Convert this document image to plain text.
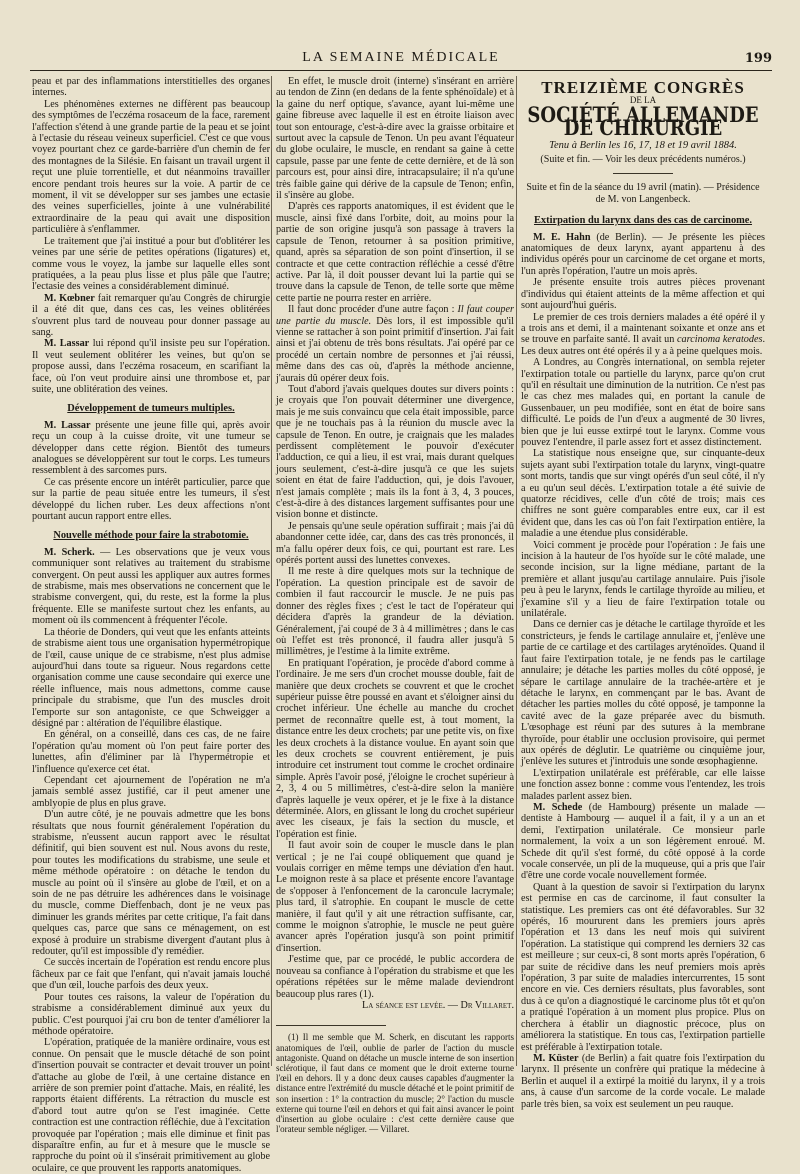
LA SEMAINE MÉDICALE	199

peau et par des inflammations interstitielles des organes internes.

Les phénomènes externes ne diffèrent pas beaucoup des symptômes de l'eczéma rosaceum de la face, rarement l'affection s'étend à une grande partie de la peau et se joint à l'ectasie du réseau veineux superficiel. C'est ce que vous voyez pourtant chez ce garde-barrière d'un chemin de fer des montagnes de la Silésie. En faisant un travail urgent il reçut une pluie torrentielle, et dut néanmoins travailler encore pendant trois heures sur la voie. A partir de ce moment, il vit se développer sur ses jambes une ectasie des veines superficielles, jointe à une vulnérabilité extraordinaire de la peau qui avait une disposition particulière à s'enflammer.

Le traitement que j'ai institué a pour but d'oblitérer les veines par une série de petites opérations (ligatures) et, comme vous le voyez, la jambe sur laquelle elles sont pratiquées, a la peau plus lisse et plus pâle que l'autre; l'ectasie des veines a considérablement diminué.

M. Kœbner fait remarquer qu'au Congrès de chirurgie il a été dit que, dans ces cas, les veines oblitérées s'ouvrent plus tard de nouveau pour donner passage au sang.

M. Lassar lui répond qu'il insiste peu sur l'opération. Il veut seulement oblitérer les veines, but qu'on se propose aussi, dans l'eczéma rosaceum, en scarifiant la face, où l'on veut produire ainsi une thrombose et, par suite, une oblitération des veines.

Développement de tumeurs multiples.

M. Lassar présente une jeune fille qui, après avoir reçu un coup à la cuisse droite, vit une tumeur se développer dans cette région. Bientôt des tumeurs analogues se développèrent sur tout le corps. Les tumeurs ressemblent à des sarcomes purs.

Ce cas présente encore un intérêt particulier, parce que sur la partie de peau située entre les tumeurs, il s'est développé du lichen ruber. Les deux affections n'ont pourtant aucun rapport entre elles.

Nouvelle méthode pour faire la strabotomie.

M. Scherk. — Les observations que je veux vous communiquer sont relatives au traitement du strabisme convergent. On peut aussi les appliquer aux autres formes de strabisme, mais mes observations ne concernent que le strabisme convergent, qui, du reste, est la forme la plus fréquente. Elle se manifeste surtout chez les enfants, au moment où ils commencent à fréquenter l'école.

La théorie de Donders, qui veut que les enfants atteints de strabisme aient tous une organisation hypermétropique de l'œil, cause unique de ce strabisme, n'est plus admise aujourd'hui dans toute sa rigueur. Nous regardons cette organisation comme une cause secondaire qui exerce une réelle influence, mais nous admettons, comme cause principale du strabisme, que l'un des muscles droit l'emporte sur son antagoniste, ce que Schweigger a désigné par : altération de l'équilibre élastique.

En général, on a conseillé, dans ces cas, de ne faire l'opération qu'au moment où l'on peut faire porter des lunettes, afin d'éliminer par là l'hypermétropie et l'influence qu'exerce cet état.

Cependant cet ajournement de l'opération ne m'a jamais semblé assez justifié, car il peut amener une amblyopie de plus en plus grave.

D'un autre côté, je ne pouvais admettre que les bons résultats que nous fournit généralement l'opération du strabisme, n'eussent aucun rapport avec le résultat définitif, qui bien souvent est nul. Nous avons du reste, pour toutes les modifications du strabisme, une seule et même méthode opératoire : on détache le tendon du muscle au point où il s'insère au globe de l'œil, et on a soin de ne pas détruire les adhérences dans le voisinage du muscle, comme Dieffenbach, dont je ne veux pas diminuer les grands mérites par cette critique, l'a fait dans quelques cas, parce que sans ce ménagement, on est exposé à produire un strabisme divergent d'autant plus à redouter, qu'il est impossible d'y remédier.

Ce succès incertain de l'opération est rendu encore plus fâcheux par ce fait que l'enfant, qui n'avait jamais louché que d'un œil, louche parfois des deux yeux.

Pour toutes ces raisons, la valeur de l'opération du strabisme a considérablement diminué aux yeux du public. C'est pourquoi j'ai cru bon de tenter d'améliorer la méthode opératoire.

L'opération, pratiquée de la manière ordinaire, vous est connue. On pensait que le muscle détaché de son point d'insertion pouvait se contracter et devait trouver un point d'attache au globe de l'œil, à une certaine distance en arrière de son premier point d'attache. Mais, en réalité, les rapports étaient différents. La rétraction du muscle est d'abord tout autre qu'on se l'est imaginée. Cette contraction est une contraction réfléchie, due à l'excitation provoquée par l'opération ; mais elle diminue et finit pas disparaître enfin, au fur et à mesure que le muscle se rapproche du point où il s'insérait primitivement au globe oculaire, ce que prouvent les rapports anatomiques.

En effet, le muscle droit (interne) s'insérant en arrière au tendon de Zinn (en dedans de la fente sphénoïdale) et à la gaine du nerf optique, s'avance, ayant lui-même une gaine fibreuse avec laquelle il est en étroite liaison avec tout son entourage, c'est-à-dire avec la graisse orbitaire et surtout avec la capsule de Tenon. Un peu avant l'équateur du globe oculaire, le muscle, en rendant sa gaine à cette capsule, passe par une fente de cette dernière, et de là son parcours est, pour ainsi dire, intracapsulaire; il n'a qu'une très faible gaine qui dérive de la capsule de Tenon; enfin, il s'insère au globe.

D'après ces rapports anatomiques, il est évident que le muscle, ainsi fixé dans l'orbite, doit, au moins pour la partie de son origine jusqu'à son passage à travers la capsule de Tenon, retourner à sa position primitive, quand, après sa séparation de son point d'insertion, il se contracte et que cette contraction réfléchie a cessé d'être active. Par là, il doit pousser devant lui la partie qui se trouve dans la capsule de Tenon, de telle sorte que même cette partie ne pourra rester en arrière.

Il faut donc procéder d'une autre façon : Il faut couper une partie du muscle. Dès lors, il est impossible qu'il vienne se rattacher à son point primitif d'insertion. J'ai fait ainsi et j'ai obtenu de très bons résultats. J'ai opéré par ce procédé un certain nombre de personnes et j'ai réussi, même dans des cas où, d'après la méthode ancienne, j'aurais dû opérer deux fois.

Tout d'abord j'avais quelques doutes sur divers points : je croyais que l'on pouvait déterminer une divergence, mais je me suis convaincu que cela était impossible, parce que je ne touchais pas à la réunion du muscle avec la capsule de Tenon. En outre, je craignais que les malades perdissent complètement le pouvoir d'exécuter l'adduction, ce qui a lieu, il est vrai, mais durant quelques jours seulement, c'est-à-dire jusqu'à ce que les sujets soient en état de faire l'adduction, qui, je dois l'avouer, n'est jamais complète ; mais ils la font à 3, 4, 3 pouces, c'est-à-dire à des distances largement suffisantes pour une vision bonne et distincte.

Je pensais qu'une seule opération suffirait ; mais j'ai dû abandonner cette idée, car, dans des cas très prononcés, il m'a fallu opérer deux fois, ce qui, pourtant est rare. Les opérés portent aussi des lunettes convexes.

Il me reste à dire quelques mots sur la technique de l'opération. La question principale est de savoir de combien il faut raccourcir le muscle. Je ne puis pas donner des règles fixes ; c'est le tact de l'opérateur qui décidera d'après la grandeur de la déviation. Généralement, j'ai coupé de 3 à 4 millimètres ; dans le cas où l'effet est très prononcé, il faudra aller jusqu'à 5 millimètres, je l'estime à la limite extrême.

En pratiquant l'opération, je procède d'abord comme à l'ordinaire. Je me sers d'un crochet mousse double, fait de manière que deux crochets se couvrent et que le crochet supérieur puisse être poussé en avant et s'éloigner ainsi du crochet inférieur. Une échelle au manche du crochet permet de reconnaître quelle est, à tout moment, la distance entre les deux crochets; par une petite vis, on fixe les deux crochets à la distance voulue. En ayant soin que les deux crochets se couvrent entièrement, je puis introduire cet instrument tout comme le crochet ordinaire simple. Après l'avoir posé, j'éloigne le crochet supérieur à 2, 3, 4 ou 5 millimètres, c'est-à-dire selon la manière d'après laquelle je veux opérer, et je le fixe à la distance déterminée. Alors, en glissant le long du crochet supérieur avec les ciseaux, je fais la section du muscle, et l'opération est finie.

Il faut avoir soin de couper le muscle dans le plan vertical ; je ne l'ai coupé obliquement que quand je voulais corriger en même temps une déviation d'en haut. Le moignon reste à sa place et présente encore l'avantage de s'opposer à l'enfoncement de la caroncule lacrymale; plus tard, il s'atrophie. En coupant le muscle de cette manière, il faut qu'il y ait une rétraction suffisante, car, comme le moignon s'atrophie, le muscle ne peut guère avancer après l'opération jusqu'à son point primitif d'insertion.

J'estime que, par ce procédé, le public accordera de nouveau sa confiance à l'opération du strabisme et que les opérations répétées sur le même malade deviendront beaucoup plus rares (1).

La séance est levée. — Dr Villaret.

(1) Il me semble que M. Scherk, en discutant les rapports anatomiques de l'œil, oublie de parler de l'action du muscle antagoniste. Quand on détache un muscle interne de son insertion sclérotique, il faut dans ce moment que le droit externe tourne l'œil en dehors. Il y a donc deux causes capables d'augmenter la distance entre l'extrémité du muscle détaché et le point primitif de son insertion : 1° la contraction du muscle; 2° l'action du muscle externe qui tourne l'œil en dehors et qui fait ainsi avancer le point d'insertion au globe oculaire : c'est cette dernière cause que l'orateur semble négliger. — Villaret.

TREIZIÈME CONGRÈS
DE LA
SOCIÉTÉ ALLEMANDE DE CHIRURGIE
Tenu à Berlin les 16, 17, 18 et 19 avril 1884.
(Suite et fin. — Voir les deux précédents numéros.)
Suite et fin de la séance du 19 avril (matin). — Présidence de M. von Langenbeck.
Extirpation du larynx dans des cas de carcinome.

M. E. Hahn (de Berlin). — Je présente les pièces anatomiques de deux larynx, ayant appartenu à des individus opérés pour un carcinome de cet organe et morts, l'un après l'opération, l'autre un mois après.

Je présente ensuite trois autres pièces provenant d'individus qui étaient atteints de la même affection et qui sont aujourd'hui guéris.

Le premier de ces trois derniers malades a été opéré il y a trois ans et demi, il a maintenant soixante et onze ans et se trouve en parfaite santé. Il avait un carcinoma keratodes. Les deux autres ont été opérés il y a à peine quelques mois.

A Londres, au Congrès international, on sembla rejeter l'extirpation totale ou partielle du larynx, parce qu'on crut qu'il en résultait une diminution de la nutrition. Ce n'est pas le cas chez mes malades qui, en portant la canule de Gussenbauer, un peu modifiée, sont en état de boire sans difficulté. Le poids de l'un d'eux a augmenté de 30 livres, bien que je lui eusse extirpé tout le larynx. Comme vous pouvez l'entendre, il parle assez fort et assez distinctement.

La statistique nous enseigne que, sur cinquante-deux sujets ayant subi l'extirpation totale du larynx, vingt-quatre sont morts, tandis que sur vingt opérés d'un seul côté, il n'y a eu qu'un seul décès. L'extirpation totale a été suivie de quatorze récidives, celle d'un côté de trois; mais ces chiffres ne sont guère comparables entre eux, car il est évident que, dans les cas où l'on fait l'extirpation entière, la maladie a une étendue plus considérable.

Voici comment je procède pour l'opération : Je fais une incision à la hauteur de l'os hyoïde sur le côté malade, une seconde incision, sur la ligne médiane, partant de la première et allant jusqu'au cartilage annulaire. Puis j'isole peu à peu le larynx, fends le cartilage thyroïde au milieu, et j'examine s'il y a lieu de faire l'extirpation totale ou unilatérale.

Dans ce dernier cas je détache le cartilage thyroïde et les constricteurs, je fends le cartilage annulaire et, j'enlève une partie de ce cartilage et des cartilages aryténoïdes. Quand il faut faire l'extirpation totale, je ne fends pas le cartilage annulaire; je détache les parties molles du côté opposé, je sépare le cartilage annulaire de la trachée-artère et je détache le larynx, en commençant par le bas. Avant de détacher les parties molles du côté opposé, je tamponne la cavité avec de la gaze préparée avec du bismuth. L'œsophage est réuni par des sutures à la membrane thyroïde, pour établir une occlusion provisoire, qui permet aux opérés de déglutir. Le quatrième ou cinquième jour, j'enlève les sutures et j'introduis une sonde œsophagienne.

L'extirpation unilatérale est préférable, car elle laisse une fonction assez bonne : comme vous l'entendez, les trois malades parlent assez bien.

M. Schede (de Hambourg) présente un malade — dentiste à Hambourg — auquel il a fait, il y a un an et demi, l'extirpation unilatérale. Ce monsieur parle normalement, la voix a un son légèrement enroué. M. Schede dit qu'il s'est formé, du côté opposé à la corde vocale conservée, un pli de la muqueuse, qui a pris que l'air d'être une corde vocale nouvellement formée.

Quant à la question de savoir si l'extirpation du larynx est permise en cas de carcinome, il faut consulter la statistique. Les premiers cas ont été défavorables. Sur 32 opérés, 16 moururent dans les premiers jours après l'opération et 13 dans les neuf mois qui suivirent l'opération. La statistique qui comprend les derniers 32 cas est meilleure ; sur ceux-ci, 8 sont morts après l'opération, 6 par suite de récidive dans les neuf premiers mois après l'opération, 3 par suite de maladies intercurrentes, 15 sont encore en vie. Ces derniers résultats, plus favorables, sont dus à ce qu'on a diagnostiqué le carcinome plus tôt et qu'on a pratiqué l'opération à un moment plus propice. Plus on cherchera à établir un diagnostic précoce, plus on améliorera la statistique. En tous cas, l'extirpation partielle est préférable à l'extirpation totale.

M. Küster (de Berlin) a fait quatre fois l'extirpation du larynx. Il présente un confrère qui pratique la médecine à Berlin et auquel il a extirpé la moitié du larynx, il y a trois ans, à cause d'un sarcome de la corde vocale. Le malade parle très bien, sa voix est seulement un peu rauque.
